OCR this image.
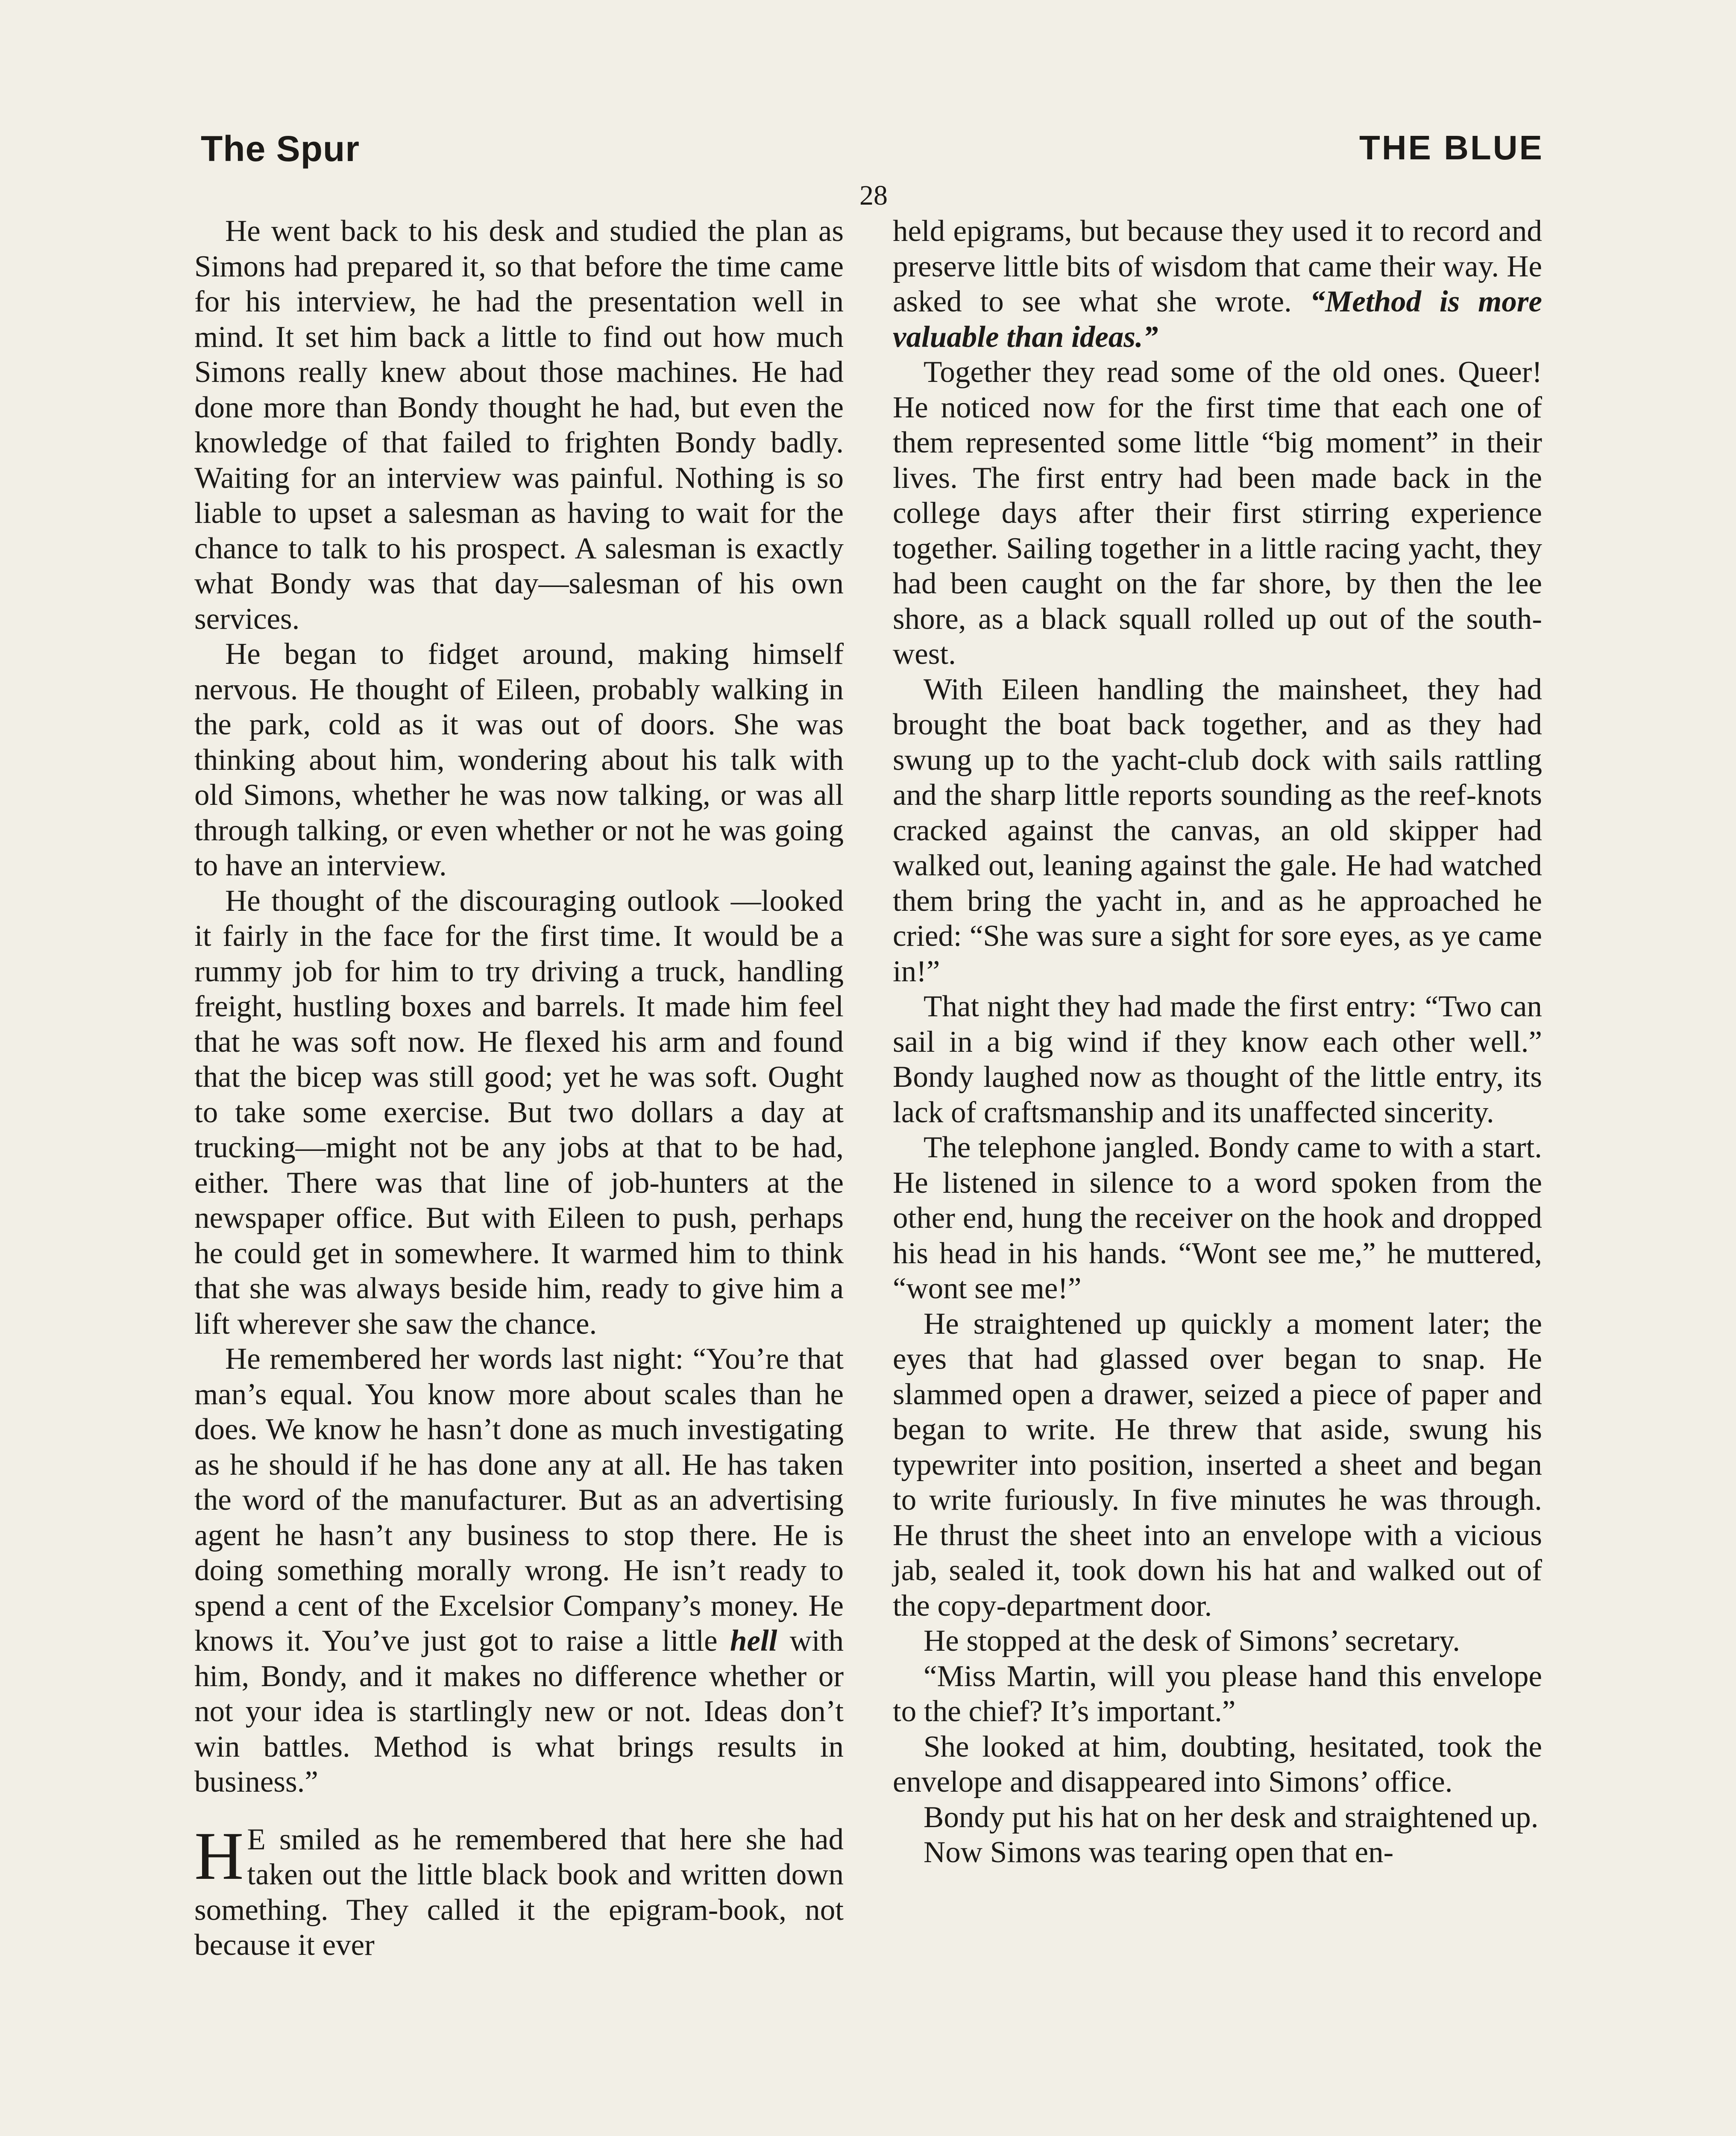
The Spur	THE BLUE
28

He went back to his desk and studied the plan as Simons had prepared it, so that before the time came for his interview, he had the presentation well in mind. It set him back a little to find out how much Simons really knew about those machines. He had done more than Bondy thought he had, but even the knowledge of that failed to frighten Bondy badly. Waiting for an interview was painful. Nothing is so liable to upset a salesman as having to wait for the chance to talk to his prospect. A salesman is exactly what Bondy was that day—salesman of his own services.

He began to fidget around, making himself nervous. He thought of Eileen, probably walking in the park, cold as it was out of doors. She was thinking about him, wondering about his talk with old Simons, whether he was now talking, or was all through talking, or even whether or not he was going to have an interview.

He thought of the discouraging outlook —looked it fairly in the face for the first time. It would be a rummy job for him to try driving a truck, handling freight, hustling boxes and barrels. It made him feel that he was soft now. He flexed his arm and found that the bicep was still good; yet he was soft. Ought to take some exercise. But two dollars a day at trucking—might not be any jobs at that to be had, either. There was that line of job-hunters at the newspaper office. But with Eileen to push, perhaps he could get in somewhere. It warmed him to think that she was always beside him, ready to give him a lift wherever she saw the chance.

He remembered her words last night: “You’re that man’s equal. You know more about scales than he does. We know he hasn’t done as much investigating as he should if he has done any at all. He has taken the word of the manufacturer. But as an advertising agent he hasn’t any business to stop there. He is doing something morally wrong. He isn’t ready to spend a cent of the Excelsior Company’s money. He knows it. You’ve just got to raise a little hell with him, Bondy, and it makes no difference whether or not your idea is startlingly new or not. Ideas don’t win battles. Method is what brings results in business.”

H E smiled as he remembered that here she had taken out the little black book and written down something. They called it the epigram-book, not because it ever

held epigrams, but because they used it to record and preserve little bits of wisdom that came their way. He asked to see what she wrote. “Method is more valuable than ideas.”

Together they read some of the old ones. Queer! He noticed now for the first time that each one of them represented some little “big moment” in their lives. The first entry had been made back in the college days after their first stirring experience together. Sailing together in a little racing yacht, they had been caught on the far shore, by then the lee shore, as a black squall rolled up out of the southwest.

With Eileen handling the mainsheet, they had brought the boat back together, and as they had swung up to the yacht-club dock with sails rattling and the sharp little reports sounding as the reef-knots cracked against the canvas, an old skipper had walked out, leaning against the gale. He had watched them bring the yacht in, and as he approached he cried: “She was sure a sight for sore eyes, as ye came in!”

That night they had made the first entry: “Two can sail in a big wind if they know each other well.” Bondy laughed now as thought of the little entry, its lack of craftsmanship and its unaffected sincerity.

The telephone jangled. Bondy came to with a start. He listened in silence to a word spoken from the other end, hung the receiver on the hook and dropped his head in his hands. “Wont see me,” he muttered, “wont see me!”

He straightened up quickly a moment later; the eyes that had glassed over began to snap. He slammed open a drawer, seized a piece of paper and began to write. He threw that aside, swung his typewriter into position, inserted a sheet and began to write furiously. In five minutes he was through. He thrust the sheet into an envelope with a vicious jab, sealed it, took down his hat and walked out of the copy-department door.

He stopped at the desk of Simons’ secretary.

“Miss Martin, will you please hand this envelope to the chief? It’s important.”

She looked at him, doubting, hesitated, took the envelope and disappeared into Simons’ office.

Bondy put his hat on her desk and straightened up.

Now Simons was tearing open that en-
